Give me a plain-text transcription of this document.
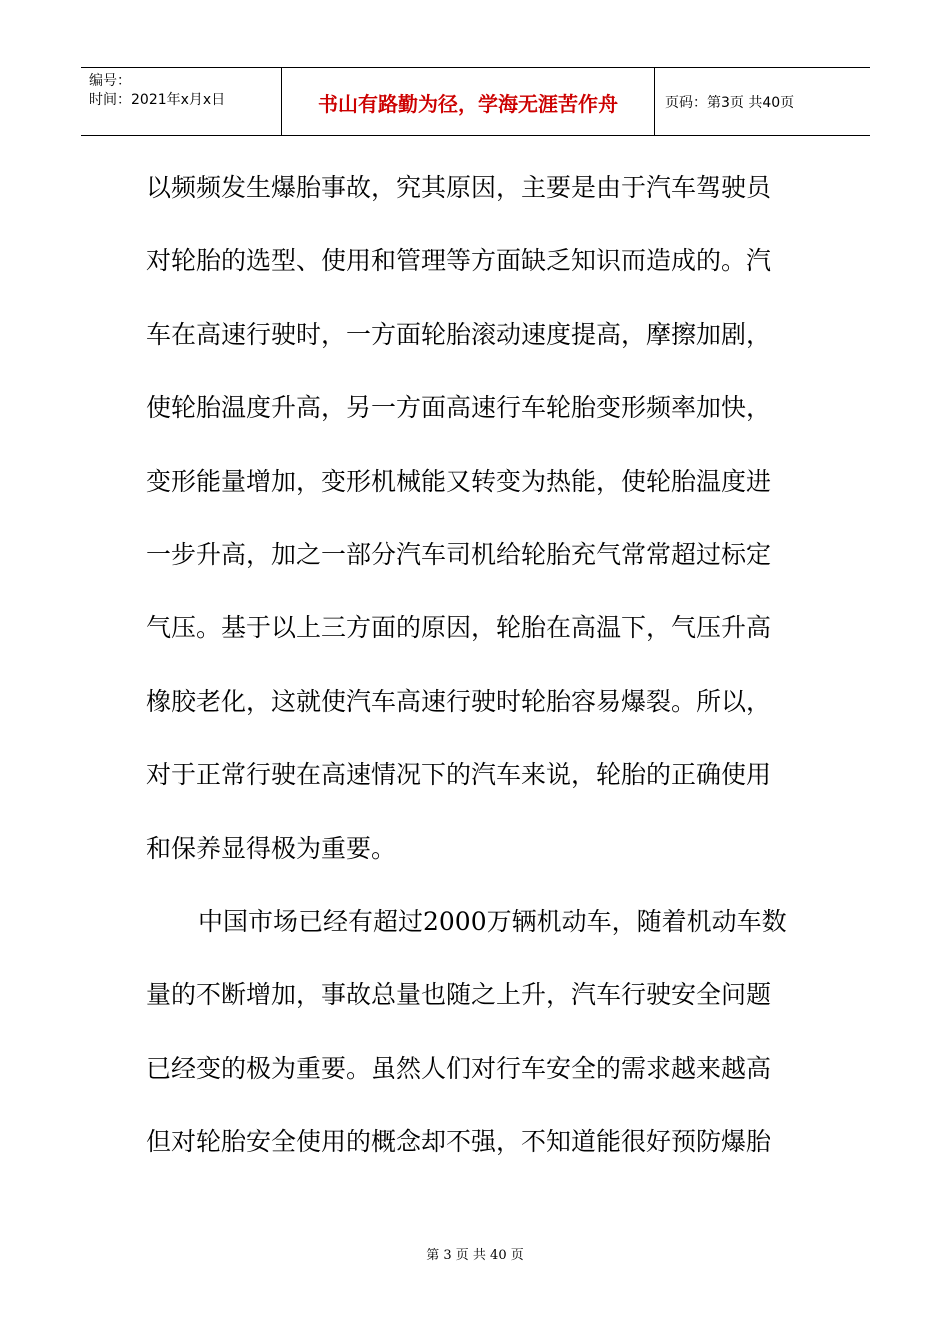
编号：
时间：2021年x月x日	书山有路勤为径，学海无涯苦作舟	页码：第3页 共40页
以频频发生爆胎事故，究其原因，主要是由于汽车驾驶员
对轮胎的选型、使用和管理等方面缺乏知识而造成的。汽
车在高速行驶时，一方面轮胎滚动速度提高，摩擦加剧，
使轮胎温度升高，另一方面高速行车轮胎变形频率加快，
变形能量增加，变形机械能又转变为热能，使轮胎温度进
一步升高，加之一部分汽车司机给轮胎充气常常超过标定
气压。基于以上三方面的原因，轮胎在高温下，气压升高
橡胶老化，这就使汽车高速行驶时轮胎容易爆裂。所以，
对于正常行驶在高速情况下的汽车来说，轮胎的正确使用
和保养显得极为重要。
中国市场已经有超过2000万辆机动车，随着机动车数
量的不断增加，事故总量也随之上升，汽车行驶安全问题
已经变的极为重要。虽然人们对行车安全的需求越来越高
但对轮胎安全使用的概念却不强，不知道能很好预防爆胎
第 3 页 共 40 页
